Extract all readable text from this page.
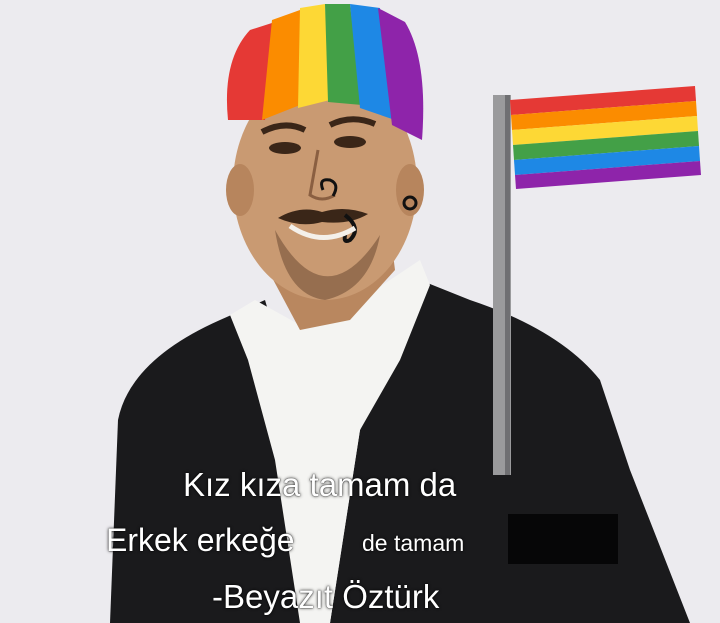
Kız kıza tamam da
Erkek erkeğe	de tamam
-Beyazıt Öztürk
